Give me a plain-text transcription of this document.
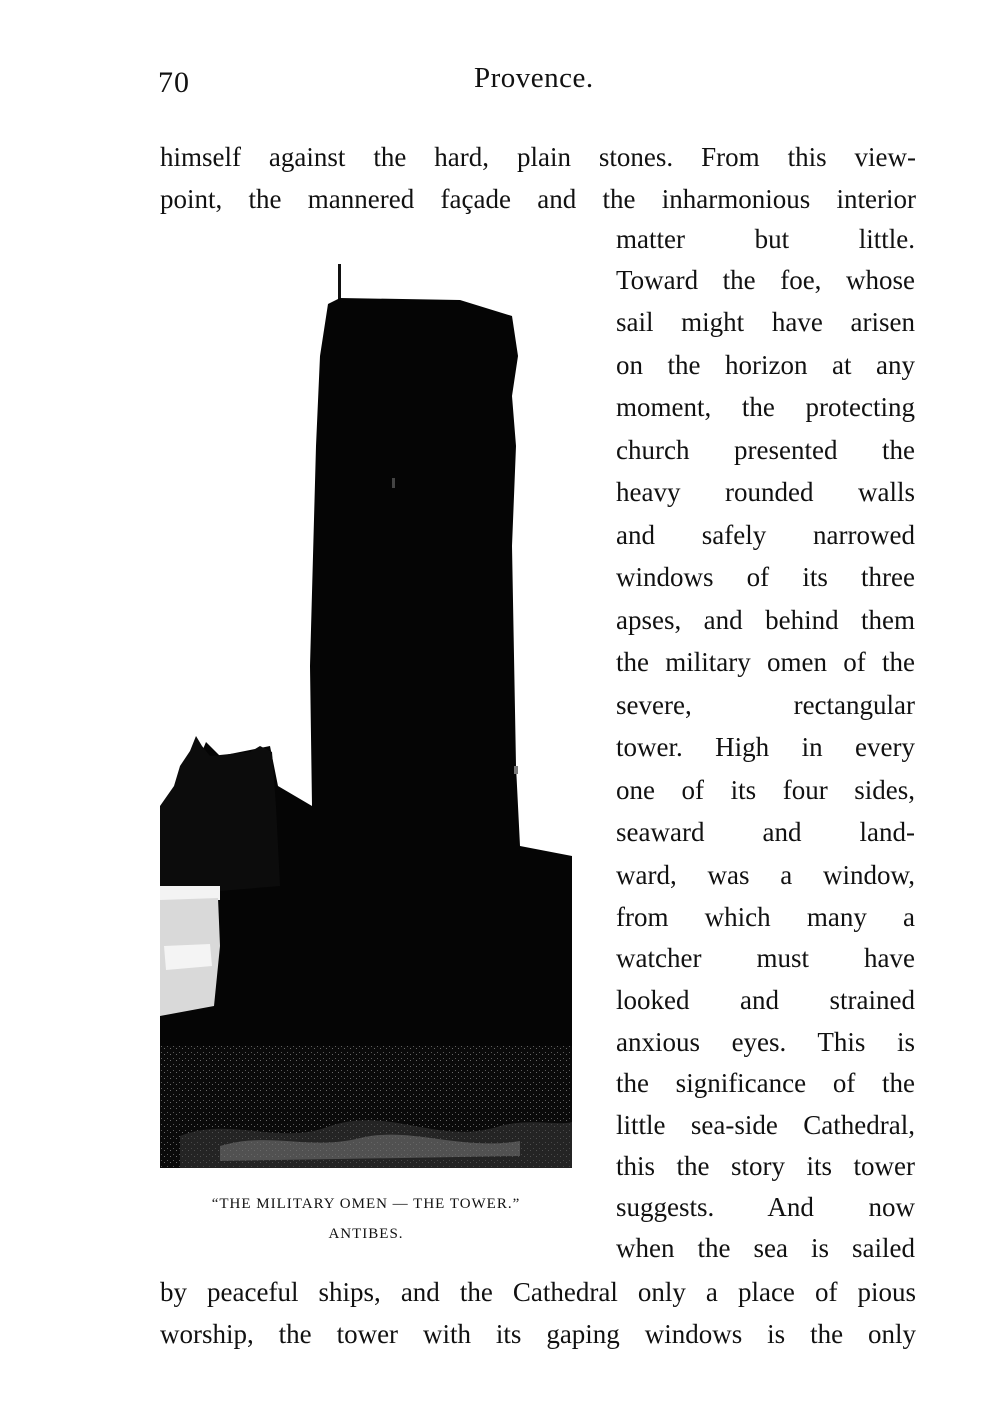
70	Provence.
himself against the hard, plain stones. From this view-
point, the mannered façade and the inharmonious interior
matter but little.
Toward the foe, whose
sail might have arisen
on the horizon at any
moment, the protecting
church presented the
heavy rounded walls
and safely narrowed
windows of its three
apses, and behind them
the military omen of the
severe, rectangular
tower. High in every
one of its four sides,
seaward and land-
ward, was a window,
from which many a
watcher must have
looked and strained
anxious eyes. This is
the significance of the
little sea-side Cathedral,
this the story its tower
suggests. And now
when the sea is sailed
by peaceful ships, and the Cathedral only a place of pious
worship, the tower with its gaping windows is the only
“THE MILITARY OMEN — THE TOWER.”
ANTIBES.
